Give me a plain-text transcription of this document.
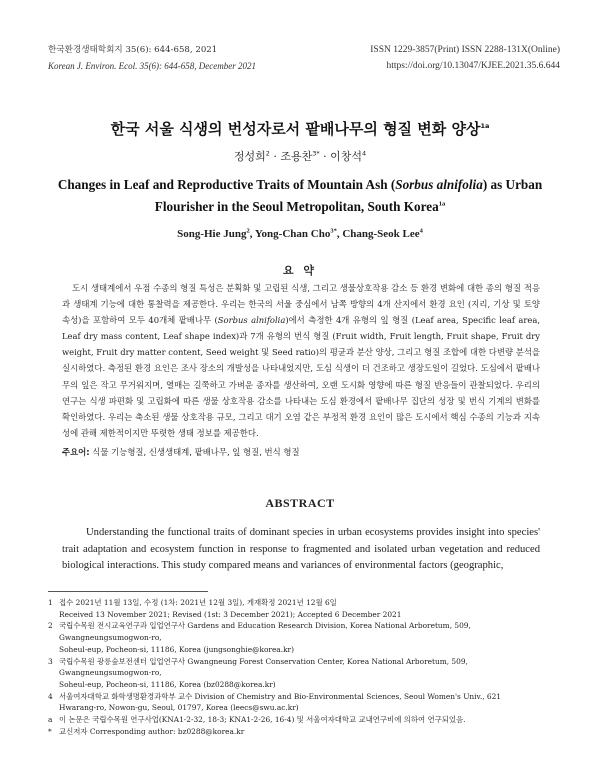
한국환경생태학회지 35(6): 644-658, 2021
Korean J. Environ. Ecol. 35(6): 644-658, December 2021
ISSN 1229-3857(Print) ISSN 2288-131X(Online)
https://doi.org/10.13047/KJEE.2021.35.6.644
한국 서울 식생의 번성자로서 팥배나무의 형질 변화 양상$^{1a}$
정성희$^2$ · 조용찬$^{3*}$ · 이창석$^4$
Changes in Leaf and Reproductive Traits of Mountain Ash (Sorbus alnifolia) as Urban Flourisher in the Seoul Metropolitan, South Korea$^{1a}$
Song-Hie Jung$^2$, Yong-Chan Cho$^{3*}$, Chang-Seok Lee$^4$
요 약
도시 생태계에서 우점 수종의 형질 특성은 분획화 및 고립된 식생, 그리고 생물상호작용 감소 등 환경 변화에 대한 종의 형질 적응과 생태계 기능에 대한 통찰력을 제공한다. 우리는 한국의 서울 중심에서 남쪽 방향의 4개 산지에서 환경 요인 (지리, 기상 및 토양 속성)을 포함하여 모두 40개체 팥배나무 (Sorbus alnifolia)에서 측정한 4개 유형의 잎 형질 (Leaf area, Specific leaf area, Leaf dry mass content, Leaf shape index)과 7개 유형의 번식 형질 (Fruit width, Fruit length, Fruit shape, Fruit dry weight, Fruit dry matter content, Seed weight 및 Seed ratio)의 평균과 분산 양상, 그리고 형질 조합에 대한 다변량 분석을 실시하였다. 측정된 환경 요인은 조사 장소의 개발성을 나타내었지만, 도심 식생이 더 건조하고 생장도일이 길었다. 도심에서 팥배나무의 잎은 작고 무거워지며, 열매는 길쭉하고 가벼운 종자를 생산하여, 오랜 도시화 영향에 따른 형질 반응들이 관찰되었다. 우리의 연구는 식생 파편화 및 고립화에 따른 생물 상호작용 감소를 나타내는 도심 환경에서 팥배나무 집단의 성장 및 번식 기계의 변화를 확인하였다. 우리는 축소된 생물 상호작용 규모, 그리고 대기 오염 같은 부정적 환경 요인이 많은 도시에서 핵심 수종의 기능과 지속성에 관해 제한적이지만 뚜렷한 생태 정보를 제공한다.
주요어: 식물 기능형질, 신생생태계, 팥배나무, 잎 형질, 번식 형질
ABSTRACT
Understanding the functional traits of dominant species in urban ecosystems provides insight into species' trait adaptation and ecosystem function in response to fragmented and isolated urban vegetation and reduced biological interactions. This study compared means and variances of environmental factors (geographic,
1 접수 2021년 11월 13일, 수정 (1차: 2021년 12월 3일), 게재확정 2021년 12월 6일
Received 13 November 2021; Revised (1st: 3 December 2021); Accepted 6 December 2021
2 국립수목원 전시교육연구과 입업연구사 Gardens and Education Research Division, Korea National Arboretum, 509, Gwangneungsumogwon-ro,
Soheul-eup, Pocheon-si, 11186, Korea (jungsonghie@korea.kr)
3 국립수목원 광릉숲보전센터 입업연구사 Gwangneung Forest Conservation Center, Korea National Arboretum, 509, Gwangneungsumogwon-ro,
Soheul-eup, Pocheon-si, 11186, Korea (bz0288@korea.kr)
4 서울여자대학교 화학생명환경과학부 교수 Division of Chemistry and Bio-Environmental Sciences, Seoul Women's Univ., 621
Hwarang-ro, Nowon-gu, Seoul, 01797, Korea (leecs@swu.ac.kr)
a 이 논문은 국립수목원 연구사업(KNA1-2-32, 18-3; KNA1-2-26, 16-4) 및 서울여자대학교 교내연구비에 의하여 연구되었음.
* 교신저자 Corresponding author: bz0288@korea.kr
